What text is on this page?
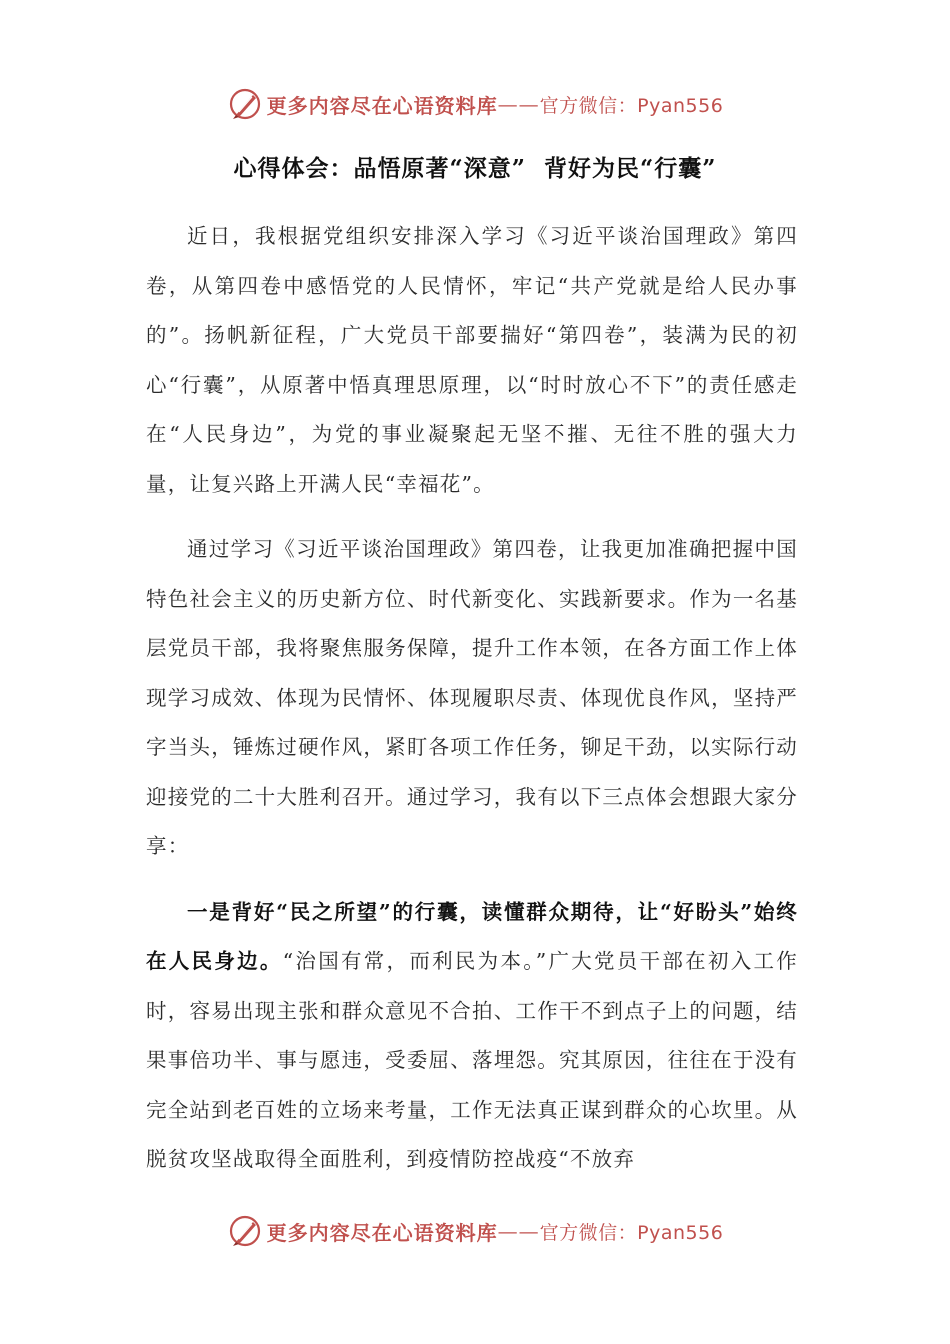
更多内容尽在心语资料库 —— 官方微信：Pyan556
心得体会：品悟原著“深意”  背好为民“行囊”

近日，我根据党组织安排深入学习《习近平谈治国理政》第四卷，从第四卷中感悟党的人民情怀，牢记“共产党就是给人民办事的”。扬帆新征程，广大党员干部要揣好“第四卷”，装满为民的初心“行囊”，从原著中悟真理思原理，以“时时放心不下”的责任感走在“人民身边”，为党的事业凝聚起无坚不摧、无往不胜的强大力量，让复兴路上开满人民“幸福花”。

通过学习《习近平谈治国理政》第四卷，让我更加准确把握中国特色社会主义的历史新方位、时代新变化、实践新要求。作为一名基层党员干部，我将聚焦服务保障，提升工作本领，在各方面工作上体现学习成效、体现为民情怀、体现履职尽责、体现优良作风，坚持严字当头，锤炼过硬作风，紧盯各项工作任务，铆足干劲，以实际行动迎接党的二十大胜利召开。通过学习，我有以下三点体会想跟大家分享：

一是背好“民之所望”的行囊，读懂群众期待，让“好盼头”始终在人民身边。“治国有常，而利民为本。”广大党员干部在初入工作时，容易出现主张和群众意见不合拍、工作干不到点子上的问题，结果事倍功半、事与愿违，受委屈、落埋怨。究其原因，往往在于没有完全站到老百姓的立场来考量，工作无法真正谋到群众的心坎里。从脱贫攻坚战取得全面胜利，到疫情防控战疫“不放弃

更多内容尽在心语资料库 —— 官方微信：Pyan556
